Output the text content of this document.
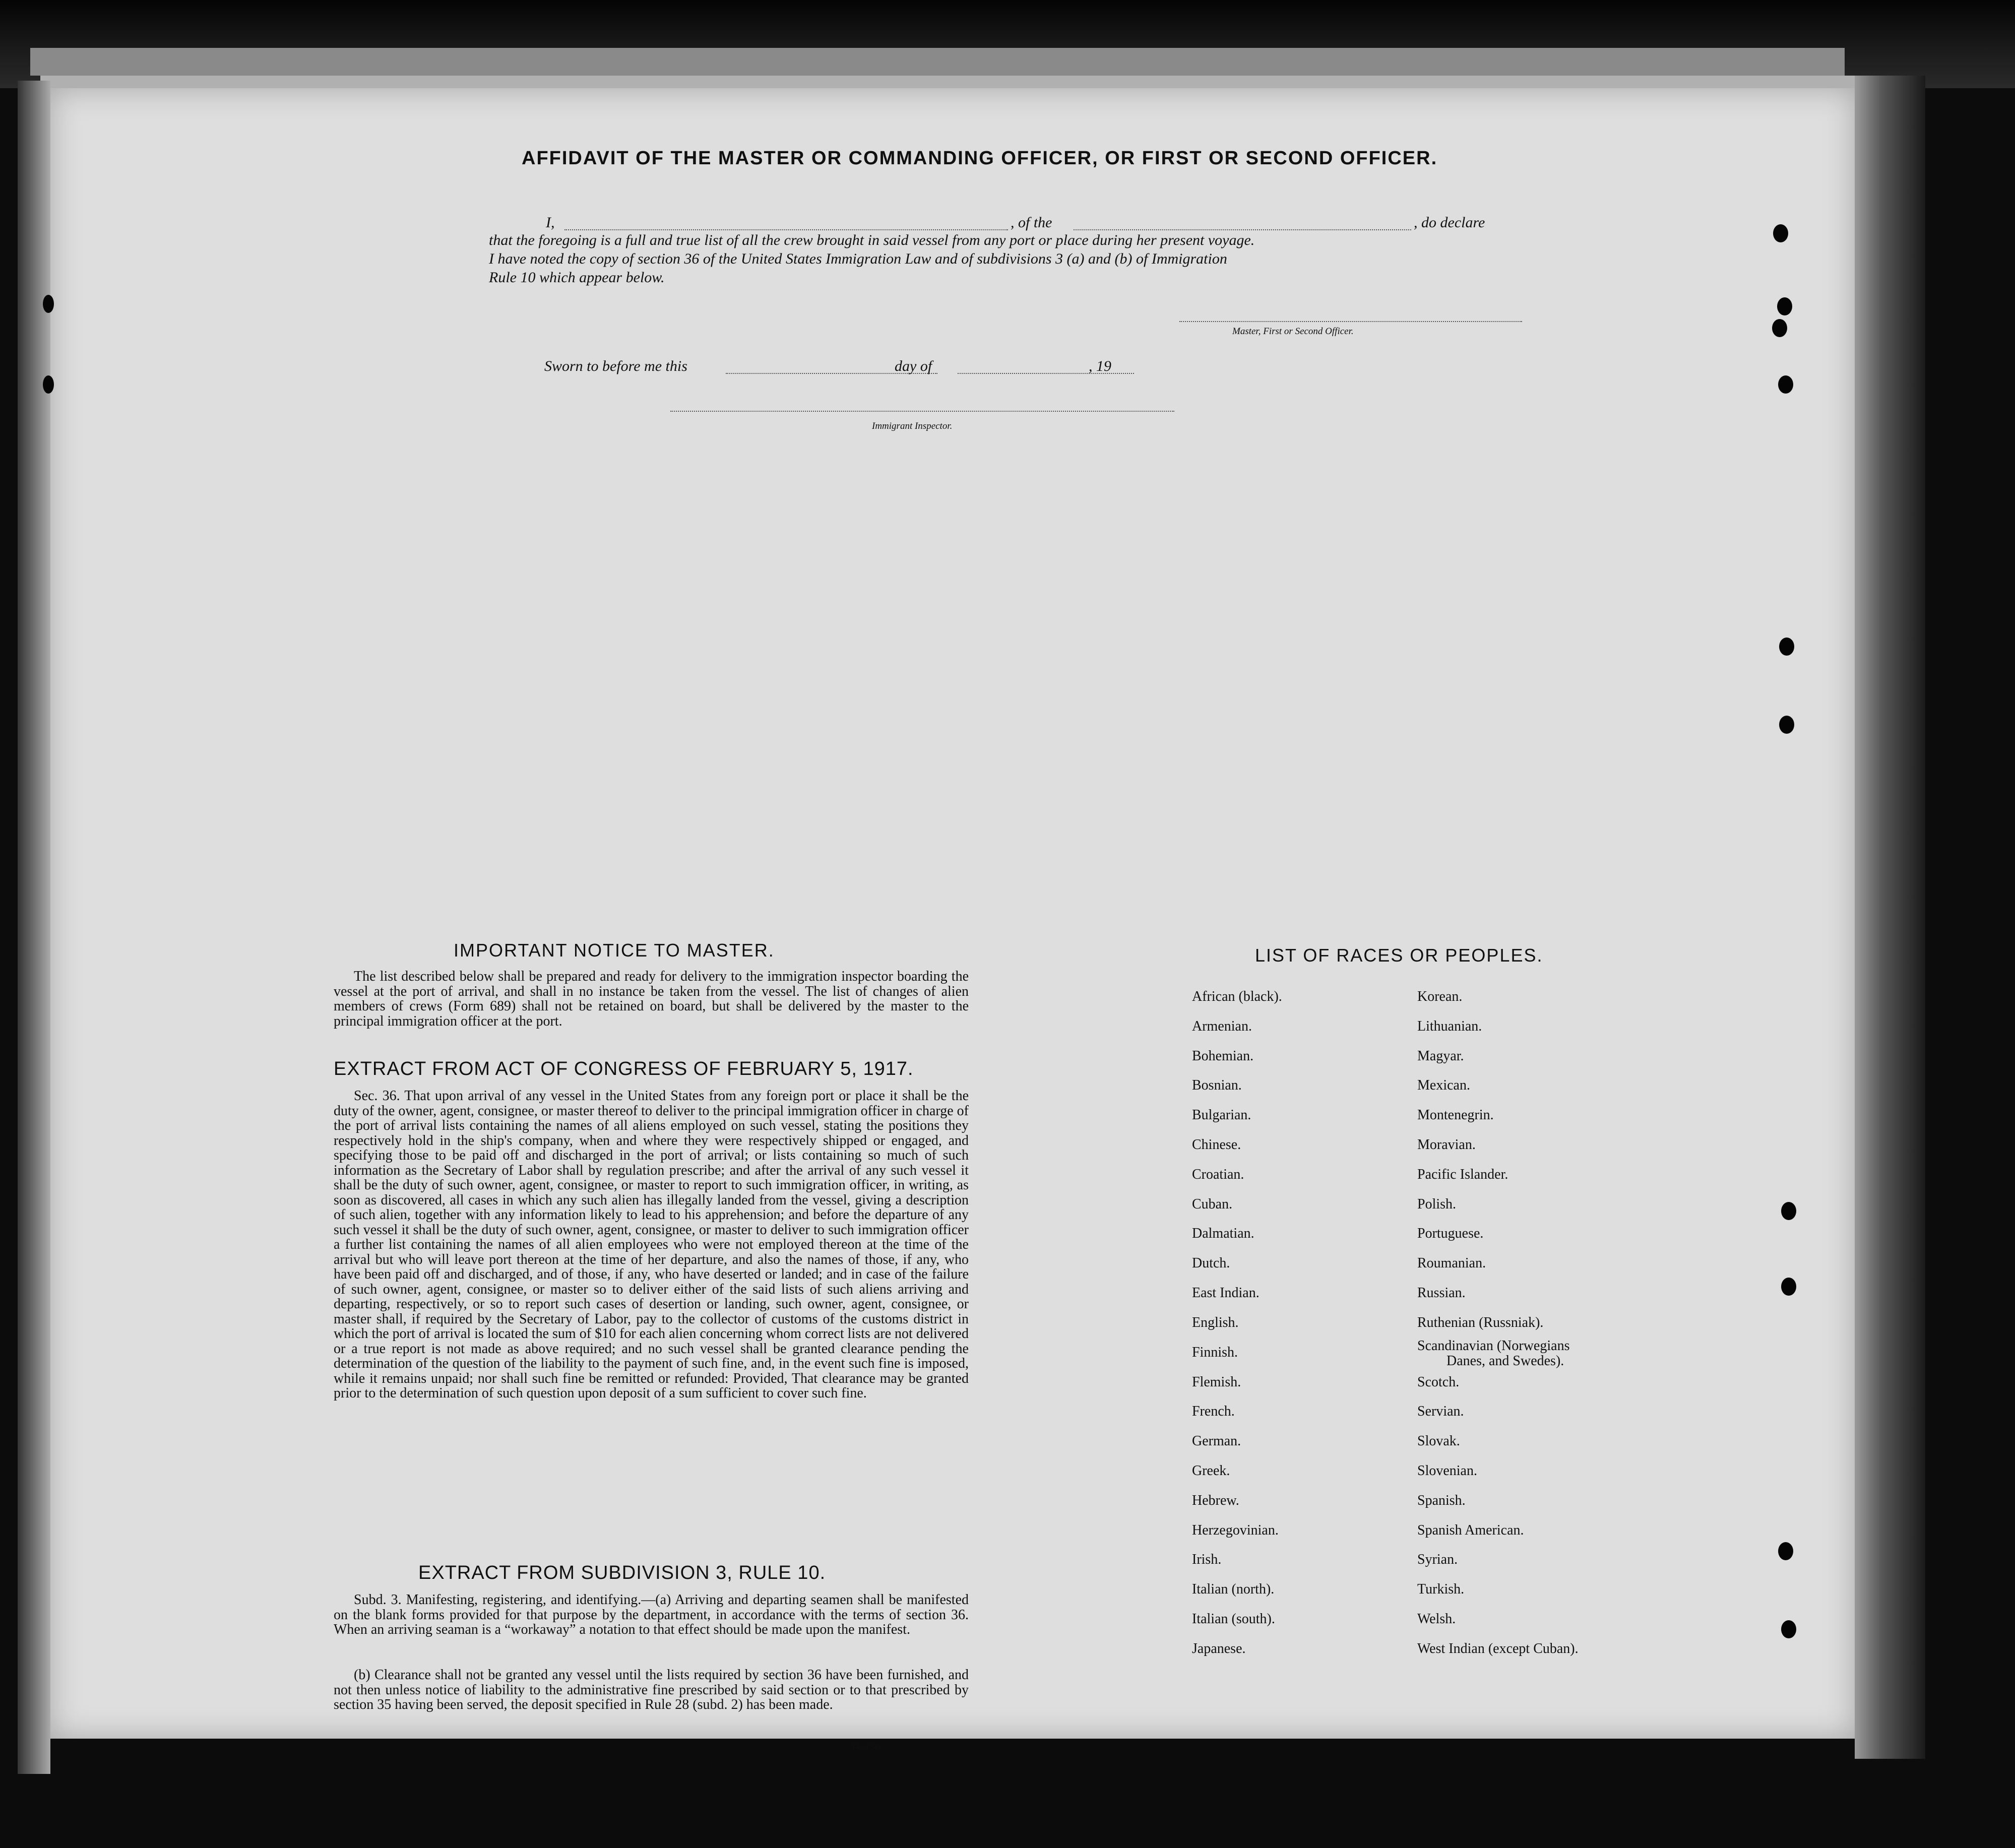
AFFIDAVIT OF THE MASTER OR COMMANDING OFFICER, OR FIRST OR SECOND OFFICER.
I,	, of the	, do declare
that the foregoing is a full and true list of all the crew brought in said vessel from any port or place during her present voyage.
I have noted the copy of section 36 of the United States Immigration Law and of subdivisions 3 (a) and (b) of Immigration
Rule 10 which appear below.
Master, First or Second Officer.
Sworn to before me this	day of	, 19
Immigrant Inspector.
IMPORTANT NOTICE TO MASTER.
The list described below shall be prepared and ready for delivery to the immigration inspector boarding the vessel at the port of arrival, and shall in no instance be taken from the vessel. The list of changes of alien members of crews (Form 689) shall not be retained on board, but shall be delivered by the master to the principal immigration officer at the port.
EXTRACT FROM ACT OF CONGRESS OF FEBRUARY 5, 1917.
Sec. 36. That upon arrival of any vessel in the United States from any foreign port or place it shall be the duty of the owner, agent, consignee, or master thereof to deliver to the principal immigration officer in charge of the port of arrival lists containing the names of all aliens employed on such vessel, stating the positions they respectively hold in the ship's company, when and where they were respectively shipped or engaged, and specifying those to be paid off and discharged in the port of arrival; or lists containing so much of such information as the Secretary of Labor shall by regulation prescribe; and after the arrival of any such vessel it shall be the duty of such owner, agent, consignee, or master to report to such immigration officer, in writing, as soon as discovered, all cases in which any such alien has illegally landed from the vessel, giving a description of such alien, together with any information likely to lead to his apprehension; and before the departure of any such vessel it shall be the duty of such owner, agent, consignee, or master to deliver to such immigration officer a further list containing the names of all alien employees who were not employed thereon at the time of the arrival but who will leave port thereon at the time of her departure, and also the names of those, if any, who have been paid off and discharged, and of those, if any, who have deserted or landed; and in case of the failure of such owner, agent, consignee, or master so to deliver either of the said lists of such aliens arriving and departing, respectively, or so to report such cases of desertion or landing, such owner, agent, consignee, or master shall, if required by the Secretary of Labor, pay to the collector of customs of the customs district in which the port of arrival is located the sum of $10 for each alien concerning whom correct lists are not delivered or a true report is not made as above required; and no such vessel shall be granted clearance pending the determination of the question of the liability to the payment of such fine, and, in the event such fine is imposed, while it remains unpaid; nor shall such fine be remitted or refunded: Provided, That clearance may be granted prior to the determination of such question upon deposit of a sum sufficient to cover such fine.
EXTRACT FROM SUBDIVISION 3, RULE 10.
Subd. 3. Manifesting, registering, and identifying.—(a) Arriving and departing seamen shall be manifested on the blank forms provided for that purpose by the department, in accordance with the terms of section 36. When an arriving seaman is a “workaway” a notation to that effect should be made upon the manifest.
(b) Clearance shall not be granted any vessel until the lists required by section 36 have been furnished, and not then unless notice of liability to the administrative fine prescribed by said section or to that prescribed by section 35 having been served, the deposit specified in Rule 28 (subd. 2) has been made.
14—1240
LIST OF RACES OR PEOPLES.
African (black).
Armenian.
Bohemian.
Bosnian.
Bulgarian.
Chinese.
Croatian.
Cuban.
Dalmatian.
Dutch.
East Indian.
English.
Finnish.
Flemish.
French.
German.
Greek.
Hebrew.
Herzegovinian.
Irish.
Italian (north).
Italian (south).
Japanese.
Korean.
Lithuanian.
Magyar.
Mexican.
Montenegrin.
Moravian.
Pacific Islander.
Polish.
Portuguese.
Roumanian.
Russian.
Ruthenian (Russniak).
Scandinavian (Norwegians
Danes, and Swedes).
Scotch.
Servian.
Slovak.
Slovenian.
Spanish.
Spanish American.
Syrian.
Turkish.
Welsh.
West Indian (except Cuban).
